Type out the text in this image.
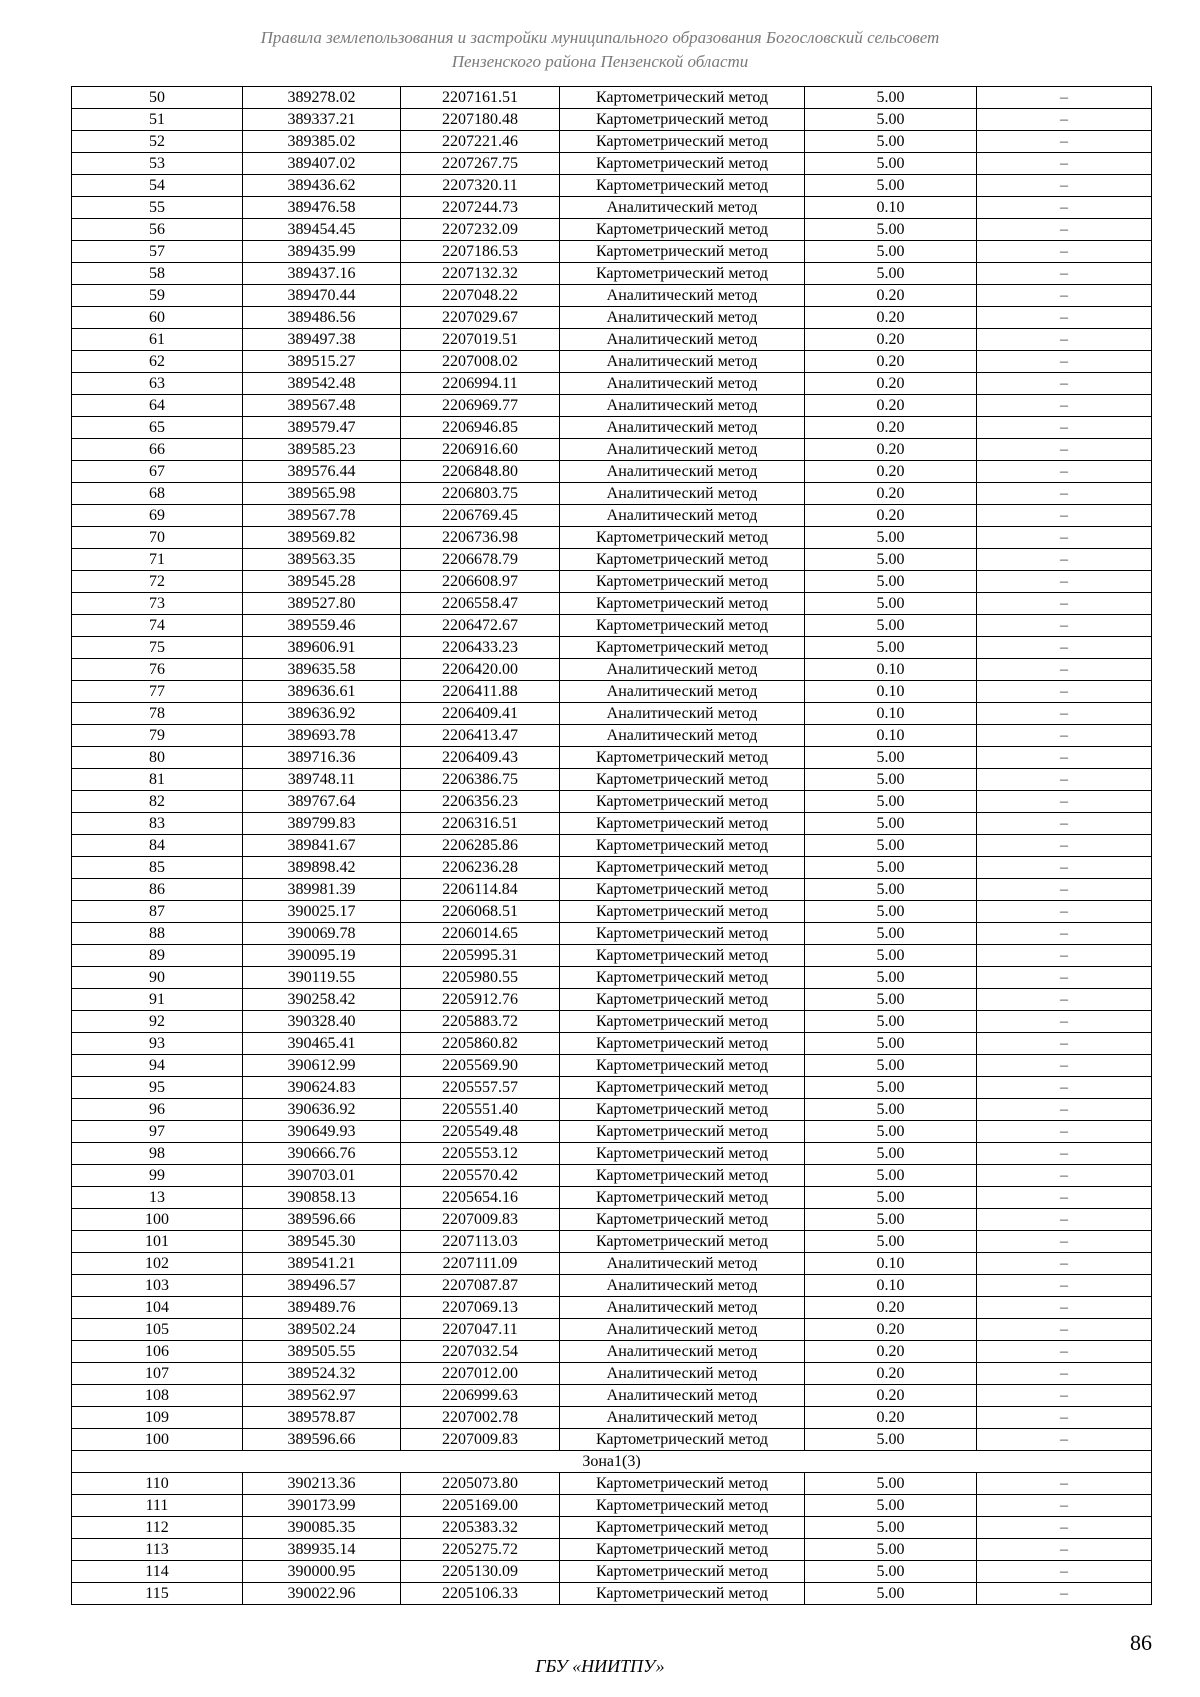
Правила землепользования и застройки муниципального образования Богословский сельсовет
Пензенского района Пензенской области
50	389278.02	2207161.51	Картометрический метод	5.00	–
51	389337.21	2207180.48	Картометрический метод	5.00	–
52	389385.02	2207221.46	Картометрический метод	5.00	–
53	389407.02	2207267.75	Картометрический метод	5.00	–
54	389436.62	2207320.11	Картометрический метод	5.00	–
55	389476.58	2207244.73	Аналитический метод	0.10	–
56	389454.45	2207232.09	Картометрический метод	5.00	–
57	389435.99	2207186.53	Картометрический метод	5.00	–
58	389437.16	2207132.32	Картометрический метод	5.00	–
59	389470.44	2207048.22	Аналитический метод	0.20	–
60	389486.56	2207029.67	Аналитический метод	0.20	–
61	389497.38	2207019.51	Аналитический метод	0.20	–
62	389515.27	2207008.02	Аналитический метод	0.20	–
63	389542.48	2206994.11	Аналитический метод	0.20	–
64	389567.48	2206969.77	Аналитический метод	0.20	–
65	389579.47	2206946.85	Аналитический метод	0.20	–
66	389585.23	2206916.60	Аналитический метод	0.20	–
67	389576.44	2206848.80	Аналитический метод	0.20	–
68	389565.98	2206803.75	Аналитический метод	0.20	–
69	389567.78	2206769.45	Аналитический метод	0.20	–
70	389569.82	2206736.98	Картометрический метод	5.00	–
71	389563.35	2206678.79	Картометрический метод	5.00	–
72	389545.28	2206608.97	Картометрический метод	5.00	–
73	389527.80	2206558.47	Картометрический метод	5.00	–
74	389559.46	2206472.67	Картометрический метод	5.00	–
75	389606.91	2206433.23	Картометрический метод	5.00	–
76	389635.58	2206420.00	Аналитический метод	0.10	–
77	389636.61	2206411.88	Аналитический метод	0.10	–
78	389636.92	2206409.41	Аналитический метод	0.10	–
79	389693.78	2206413.47	Аналитический метод	0.10	–
80	389716.36	2206409.43	Картометрический метод	5.00	–
81	389748.11	2206386.75	Картометрический метод	5.00	–
82	389767.64	2206356.23	Картометрический метод	5.00	–
83	389799.83	2206316.51	Картометрический метод	5.00	–
84	389841.67	2206285.86	Картометрический метод	5.00	–
85	389898.42	2206236.28	Картометрический метод	5.00	–
86	389981.39	2206114.84	Картометрический метод	5.00	–
87	390025.17	2206068.51	Картометрический метод	5.00	–
88	390069.78	2206014.65	Картометрический метод	5.00	–
89	390095.19	2205995.31	Картометрический метод	5.00	–
90	390119.55	2205980.55	Картометрический метод	5.00	–
91	390258.42	2205912.76	Картометрический метод	5.00	–
92	390328.40	2205883.72	Картометрический метод	5.00	–
93	390465.41	2205860.82	Картометрический метод	5.00	–
94	390612.99	2205569.90	Картометрический метод	5.00	–
95	390624.83	2205557.57	Картометрический метод	5.00	–
96	390636.92	2205551.40	Картометрический метод	5.00	–
97	390649.93	2205549.48	Картометрический метод	5.00	–
98	390666.76	2205553.12	Картометрический метод	5.00	–
99	390703.01	2205570.42	Картометрический метод	5.00	–
13	390858.13	2205654.16	Картометрический метод	5.00	–
100	389596.66	2207009.83	Картометрический метод	5.00	–
101	389545.30	2207113.03	Картометрический метод	5.00	–
102	389541.21	2207111.09	Аналитический метод	0.10	–
103	389496.57	2207087.87	Аналитический метод	0.10	–
104	389489.76	2207069.13	Аналитический метод	0.20	–
105	389502.24	2207047.11	Аналитический метод	0.20	–
106	389505.55	2207032.54	Аналитический метод	0.20	–
107	389524.32	2207012.00	Аналитический метод	0.20	–
108	389562.97	2206999.63	Аналитический метод	0.20	–
109	389578.87	2207002.78	Аналитический метод	0.20	–
100	389596.66	2207009.83	Картометрический метод	5.00	–
Зона1(3)					
110	390213.36	2205073.80	Картометрический метод	5.00	–
111	390173.99	2205169.00	Картометрический метод	5.00	–
112	390085.35	2205383.32	Картометрический метод	5.00	–
113	389935.14	2205275.72	Картометрический метод	5.00	–
114	390000.95	2205130.09	Картометрический метод	5.00	–
115	390022.96	2205106.33	Картометрический метод	5.00	–
86
ГБУ «НИИТПУ»
